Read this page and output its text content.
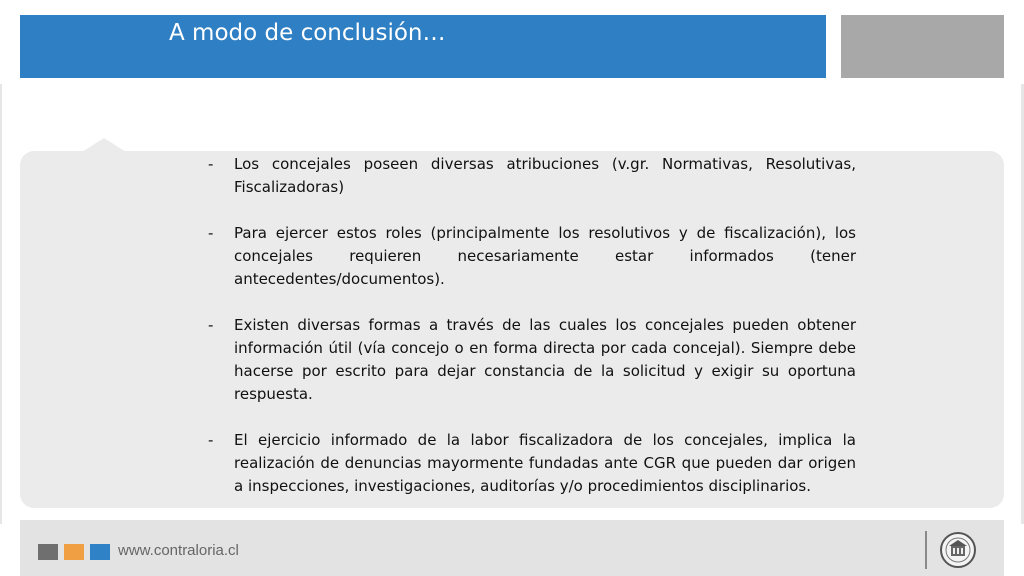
A modo de conclusión…
- Los concejales poseen diversas atribuciones (v.gr. Normativas, Resolutivas, Fiscalizadoras)
- Para ejercer estos roles (principalmente los resolutivos y de fiscalización), los concejales requieren necesariamente estar informados (tener antecedentes/documentos).
- Existen diversas formas a través de las cuales los concejales pueden obtener información útil (vía concejo o en forma directa por cada concejal). Siempre debe hacerse por escrito para dejar constancia de la solicitud y exigir su oportuna respuesta.
- El ejercicio informado de la labor fiscalizadora de los concejales, implica la realización de denuncias mayormente fundadas ante CGR que pueden dar origen a inspecciones, investigaciones, auditorías y/o procedimientos disciplinarios.
www.contraloria.cl
